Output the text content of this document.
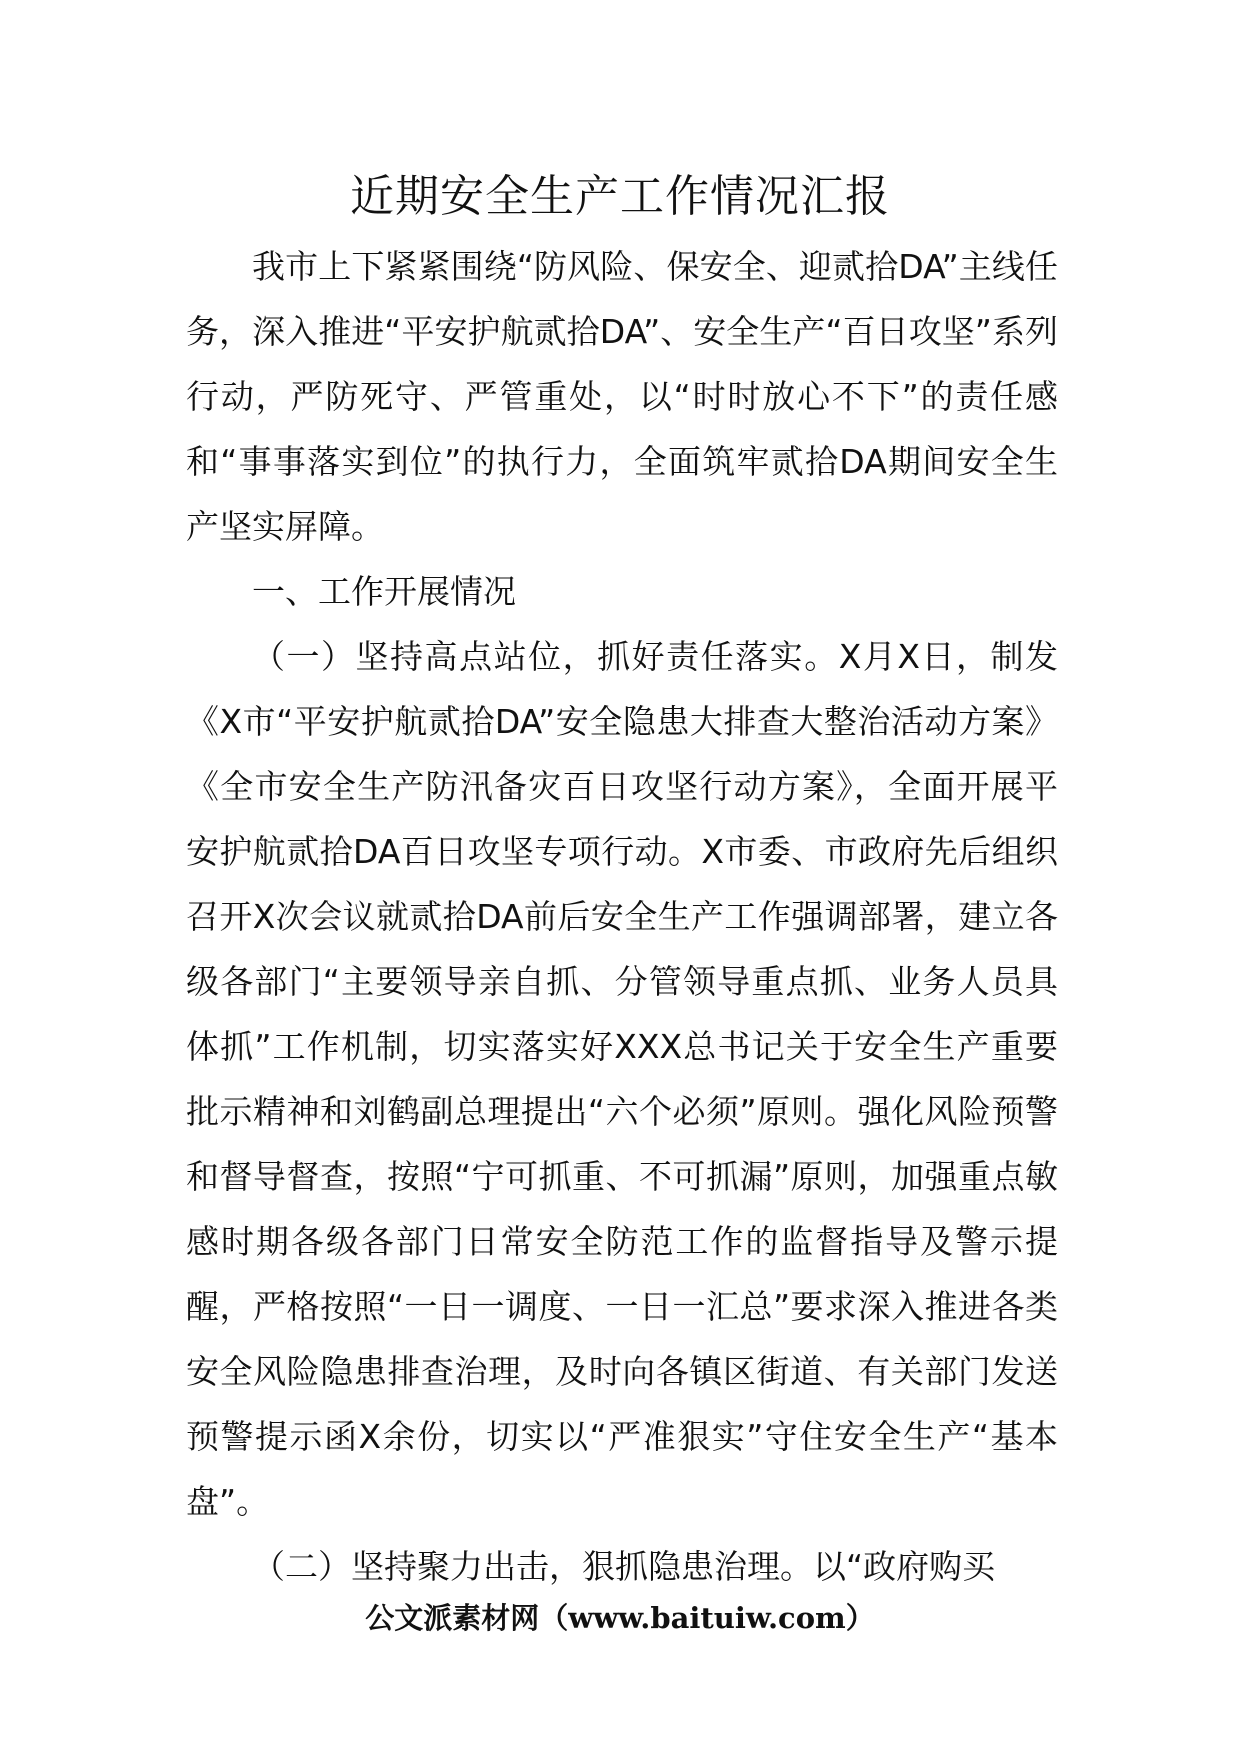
近期安全生产工作情况汇报

我市上下紧紧围绕“防风险、保安全、迎贰拾DA”主线任务，深入推进“平安护航贰拾DA”、安全生产“百日攻坚”系列行动，严防死守、严管重处，以“时时放心不下”的责任感和“事事落实到位”的执行力，全面筑牢贰拾DA期间安全生产坚实屏障。

一、工作开展情况

（一）坚持高点站位，抓好责任落实。X月X日，制发《X市“平安护航贰拾DA”安全隐患大排查大整治活动方案》《全市安全生产防汛备灾百日攻坚行动方案》，全面开展平安护航贰拾DA百日攻坚专项行动。X市委、市政府先后组织召开X次会议就贰拾DA前后安全生产工作强调部署，建立各级各部门“主要领导亲自抓、分管领导重点抓、业务人员具体抓”工作机制，切实落实好XXX总书记关于安全生产重要批示精神和刘鹤副总理提出“六个必须”原则。强化风险预警和督导督查，按照“宁可抓重、不可抓漏”原则，加强重点敏感时期各级各部门日常安全防范工作的监督指导及警示提醒，严格按照“一日一调度、一日一汇总”要求深入推进各类安全风险隐患排查治理，及时向各镇区街道、有关部门发送预警提示函X余份，切实以“严准狠实”守住安全生产“基本盘”。

（二）坚持聚力出击，狠抓隐患治理。以“政府购买

公文派素材网（www.baituiw.com）
